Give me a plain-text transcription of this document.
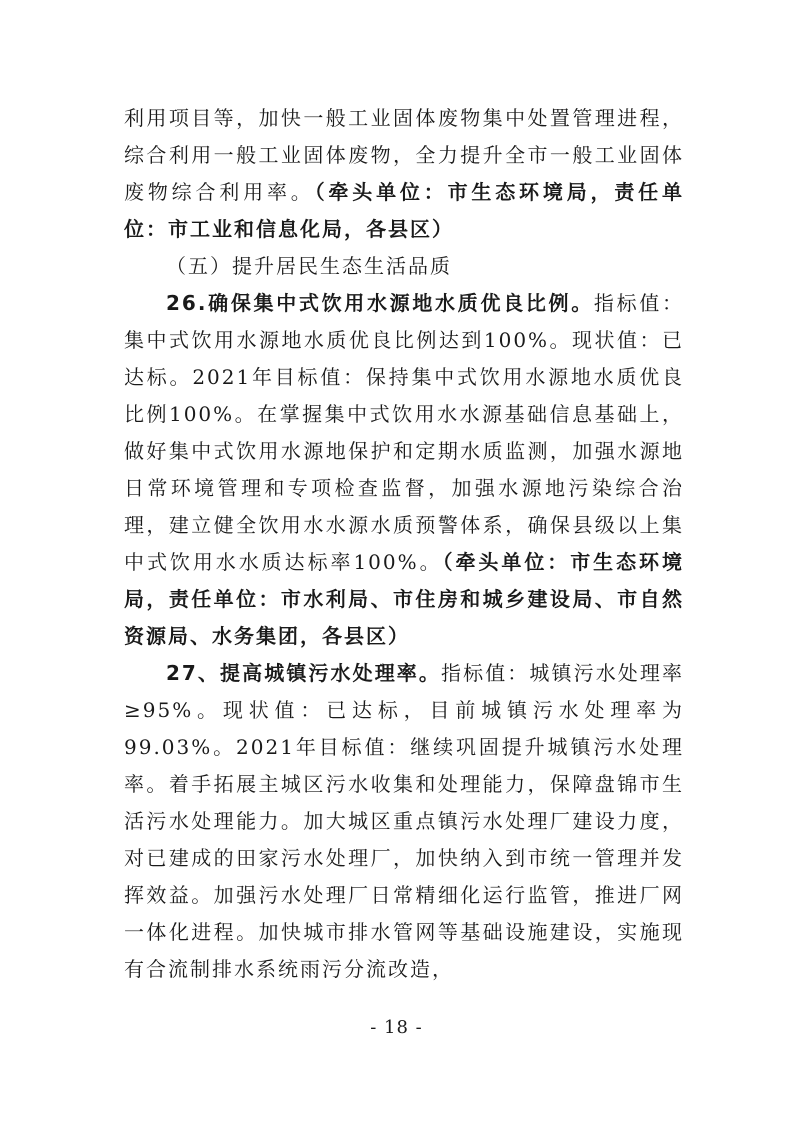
利用项目等，加快一般工业固体废物集中处置管理进程，综合利用一般工业固体废物，全力提升全市一般工业固体废物综合利用率。（牵头单位：市生态环境局，责任单位：市工业和信息化局，各县区）

（五）提升居民生态生活品质

26.确保集中式饮用水源地水质优良比例。指标值：集中式饮用水源地水质优良比例达到100%。现状值：已达标。2021年目标值：保持集中式饮用水源地水质优良比例100%。在掌握集中式饮用水水源基础信息基础上，做好集中式饮用水源地保护和定期水质监测，加强水源地日常环境管理和专项检查监督，加强水源地污染综合治理，建立健全饮用水水源水质预警体系，确保县级以上集中式饮用水水质达标率100%。（牵头单位：市生态环境局，责任单位：市水利局、市住房和城乡建设局、市自然资源局、水务集团，各县区）

27、提高城镇污水处理率。指标值：城镇污水处理率≥95%。现状值：已达标，目前城镇污水处理率为99.03%。2021年目标值：继续巩固提升城镇污水处理率。着手拓展主城区污水收集和处理能力，保障盘锦市生活污水处理能力。加大城区重点镇污水处理厂建设力度，对已建成的田家污水处理厂，加快纳入到市统一管理并发挥效益。加强污水处理厂日常精细化运行监管，推进厂网一体化进程。加快城市排水管网等基础设施建设，实施现有合流制排水系统雨污分流改造，

- 18 -
